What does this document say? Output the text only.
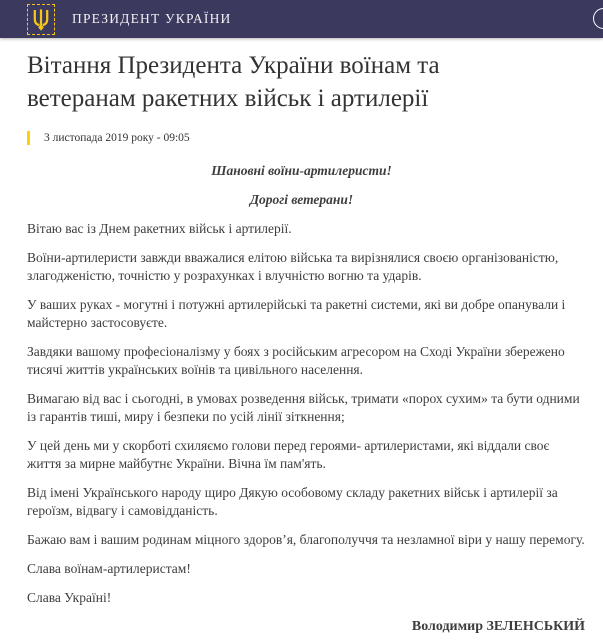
ПРЕЗИДЕНТ УКРАЇНИ
Вітання Президента України воїнам та ветеранам ракетних військ і артилерії
3 листопада 2019 року - 09:05

Шановні воїни-артилеристи!

Дорогі ветерани!

Вітаю вас із Днем ракетних військ і артилерії.

Воїни-артилеристи завжди вважалися елітою війська та вирізнялися своєю організованістю, злагодженістю, точністю у розрахунках і влучністю вогню та ударів.

У ваших руках - могутні і потужні артилерійські та ракетні системи, які ви добре опанували і майстерно застосовуєте.

Завдяки вашому професіоналізму у боях з російським агресором на Сході України збережено тисячі життів українських воїнів та цивільного населення.

Вимагаю від вас і сьогодні, в умовах розведення військ, тримати «порох сухим» та бути одними із гарантів тиші, миру і безпеки по усій лінії зіткнення;

У цей день ми у скорботі схиляємо голови перед героями- артилеристами, які віддали своє життя за мирне майбутнє України. Вічна їм пам'ять.

Від імені Українського народу щиро Дякую особовому складу ракетних військ і артилерії за героїзм, відвагу і самовідданість.

Бажаю вам і вашим родинам міцного здоров’я, благополуччя та незламної віри у нашу перемогу.

Слава воїнам-артилеристам!

Слава Україні!

Володимир ЗЕЛЕНСЬКИЙ
